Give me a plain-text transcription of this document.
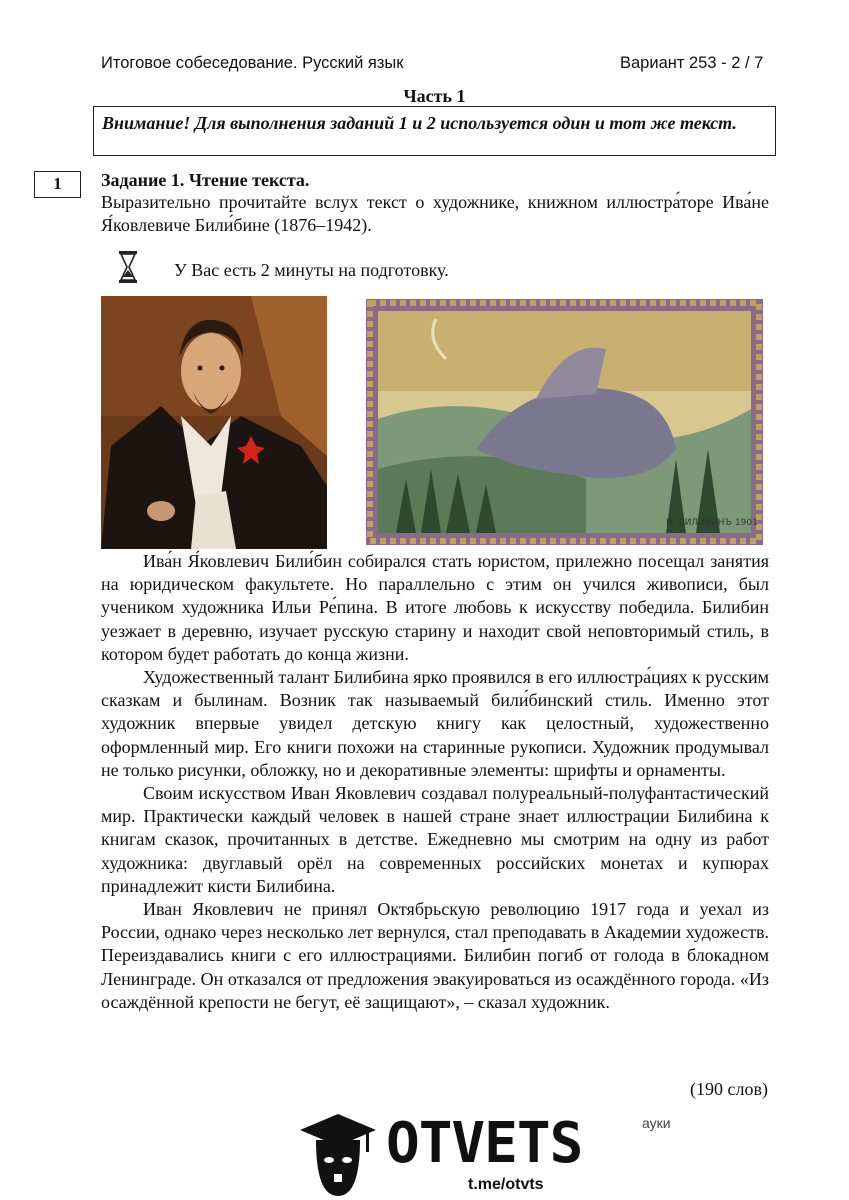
Итоговое собеседование. Русский язык	Вариант 253 - 2 / 7
Часть 1
Внимание! Для выполнения заданий 1 и 2 используется один и тот же текст.
1	Задание 1. Чтение текста.
Выразительно прочитайте вслух текст о художнике, книжном иллюстра́торе Ива́не Я́ковлевиче Били́бине (1876–1942).
У Вас есть 2 минуты на подготовку.
И. БИЛИБИНЪ 1901

Ива́н Я́ковлевич Били́бин собирался стать юристом, прилежно посещал занятия на юридическом факультете. Но параллельно с этим он учился живописи, был учеником художника Ильи Ре́пина. В итоге любовь к искусству победила. Билибин уезжает в деревню, изучает русскую старину и находит свой неповторимый стиль, в котором будет работать до конца жизни.

Художественный талант Билибина ярко проявился в его иллюстра́циях к русским сказкам и былинам. Возник так называемый били́бинский стиль. Именно этот художник впервые увидел детскую книгу как целостный, художественно оформленный мир. Его книги похожи на старинные рукописи. Художник продумывал не только рисунки, обложку, но и декоративные элементы: шрифты и орнаменты.

Своим искусством Иван Яковлевич создавал полуреальный-полуфантастический мир. Практически каждый человек в нашей стране знает иллюстрации Билибина к книгам сказок, прочитанных в детстве. Ежедневно мы смотрим на одну из работ художника: двуглавый орёл на современных российских монетах и купюрах принадлежит кисти Билибина.

Иван Яковлевич не принял Октябрьскую революцию 1917 года и уехал из России, однако через несколько лет вернулся, стал преподавать в Академии художеств. Переиздавались книги с его иллюстрациями. Билибин погиб от голода в блокадном Ленинграде. Он отказался от предложения эвакуироваться из осаждённого города. «Из осаждённой крепости не бегут, её защищают», – сказал художник.

(190 слов)
ауки
OTVETS
t.me/otvts
